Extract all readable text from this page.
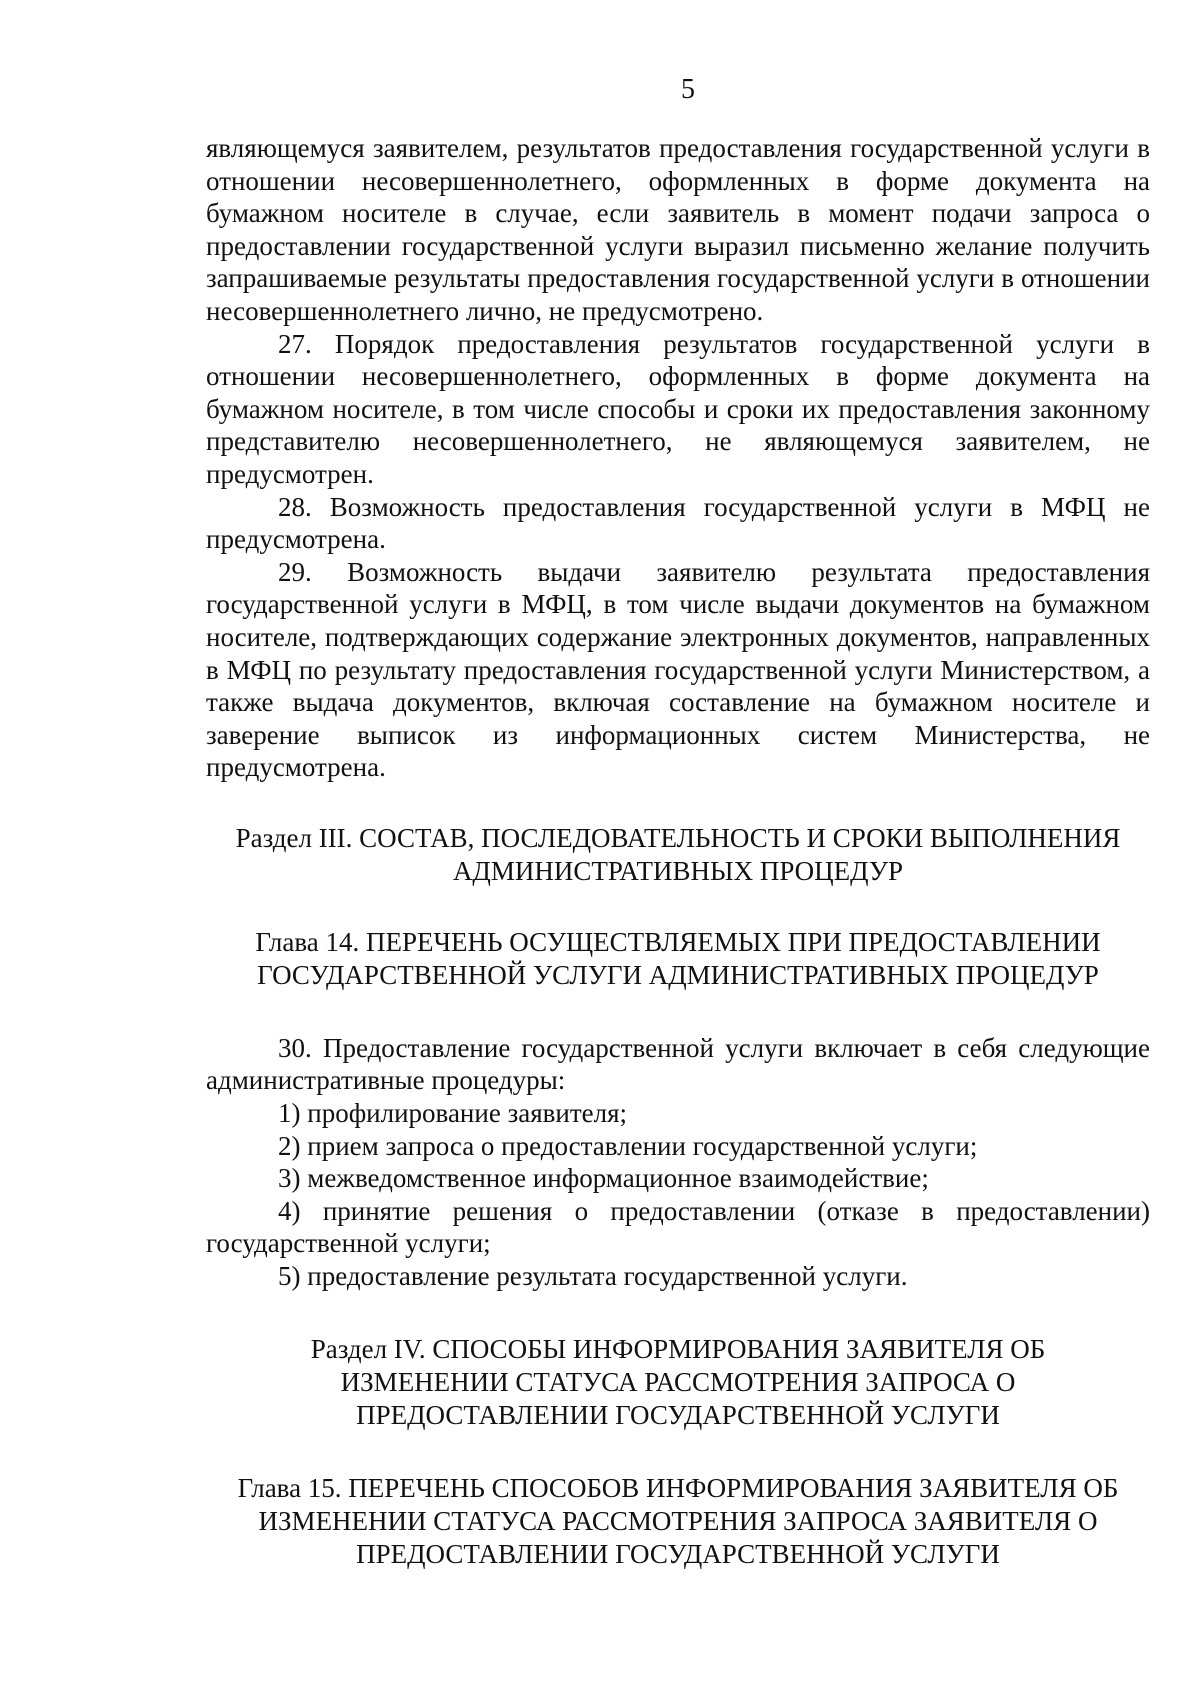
5

являющемуся заявителем, результатов предоставления государственной услуги в отношении несовершеннолетнего, оформленных в форме документа на бумажном носителе в случае, если заявитель в момент подачи запроса о предоставлении государственной услуги выразил письменно желание получить запрашиваемые результаты предоставления государственной услуги в отношении несовершеннолетнего лично, не предусмотрено.

27. Порядок предоставления результатов государственной услуги в отношении несовершеннолетнего, оформленных в форме документа на бумажном носителе, в том числе способы и сроки их предоставления законному представителю несовершеннолетнего, не являющемуся заявителем, не предусмотрен.

28. Возможность предоставления государственной услуги в МФЦ не предусмотрена.

29. Возможность выдачи заявителю результата предоставления государственной услуги в МФЦ, в том числе выдачи документов на бумажном носителе, подтверждающих содержание электронных документов, направленных в МФЦ по результату предоставления государственной услуги Министерством, а также выдача документов, включая составление на бумажном носителе и заверение выписок из информационных систем Министерства, не предусмотрена.

Раздел III. СОСТАВ, ПОСЛЕДОВАТЕЛЬНОСТЬ И СРОКИ ВЫПОЛНЕНИЯ
АДМИНИСТРАТИВНЫХ ПРОЦЕДУР
Глава 14. ПЕРЕЧЕНЬ ОСУЩЕСТВЛЯЕМЫХ ПРИ ПРЕДОСТАВЛЕНИИ
ГОСУДАРСТВЕННОЙ УСЛУГИ АДМИНИСТРАТИВНЫХ ПРОЦЕДУР

30. Предоставление государственной услуги включает в себя следующие административные процедуры:

1) профилирование заявителя;
2) прием запроса о предоставлении государственной услуги;
3) межведомственное информационное взаимодействие;
4) принятие решения о предоставлении (отказе в предоставлении) государственной услуги;
5) предоставление результата государственной услуги.
Раздел IV. СПОСОБЫ ИНФОРМИРОВАНИЯ ЗАЯВИТЕЛЯ ОБ
ИЗМЕНЕНИИ СТАТУСА РАССМОТРЕНИЯ ЗАПРОСА О
ПРЕДОСТАВЛЕНИИ ГОСУДАРСТВЕННОЙ УСЛУГИ
Глава 15. ПЕРЕЧЕНЬ СПОСОБОВ ИНФОРМИРОВАНИЯ ЗАЯВИТЕЛЯ ОБ
ИЗМЕНЕНИИ СТАТУСА РАССМОТРЕНИЯ ЗАПРОСА ЗАЯВИТЕЛЯ О
ПРЕДОСТАВЛЕНИИ ГОСУДАРСТВЕННОЙ УСЛУГИ
